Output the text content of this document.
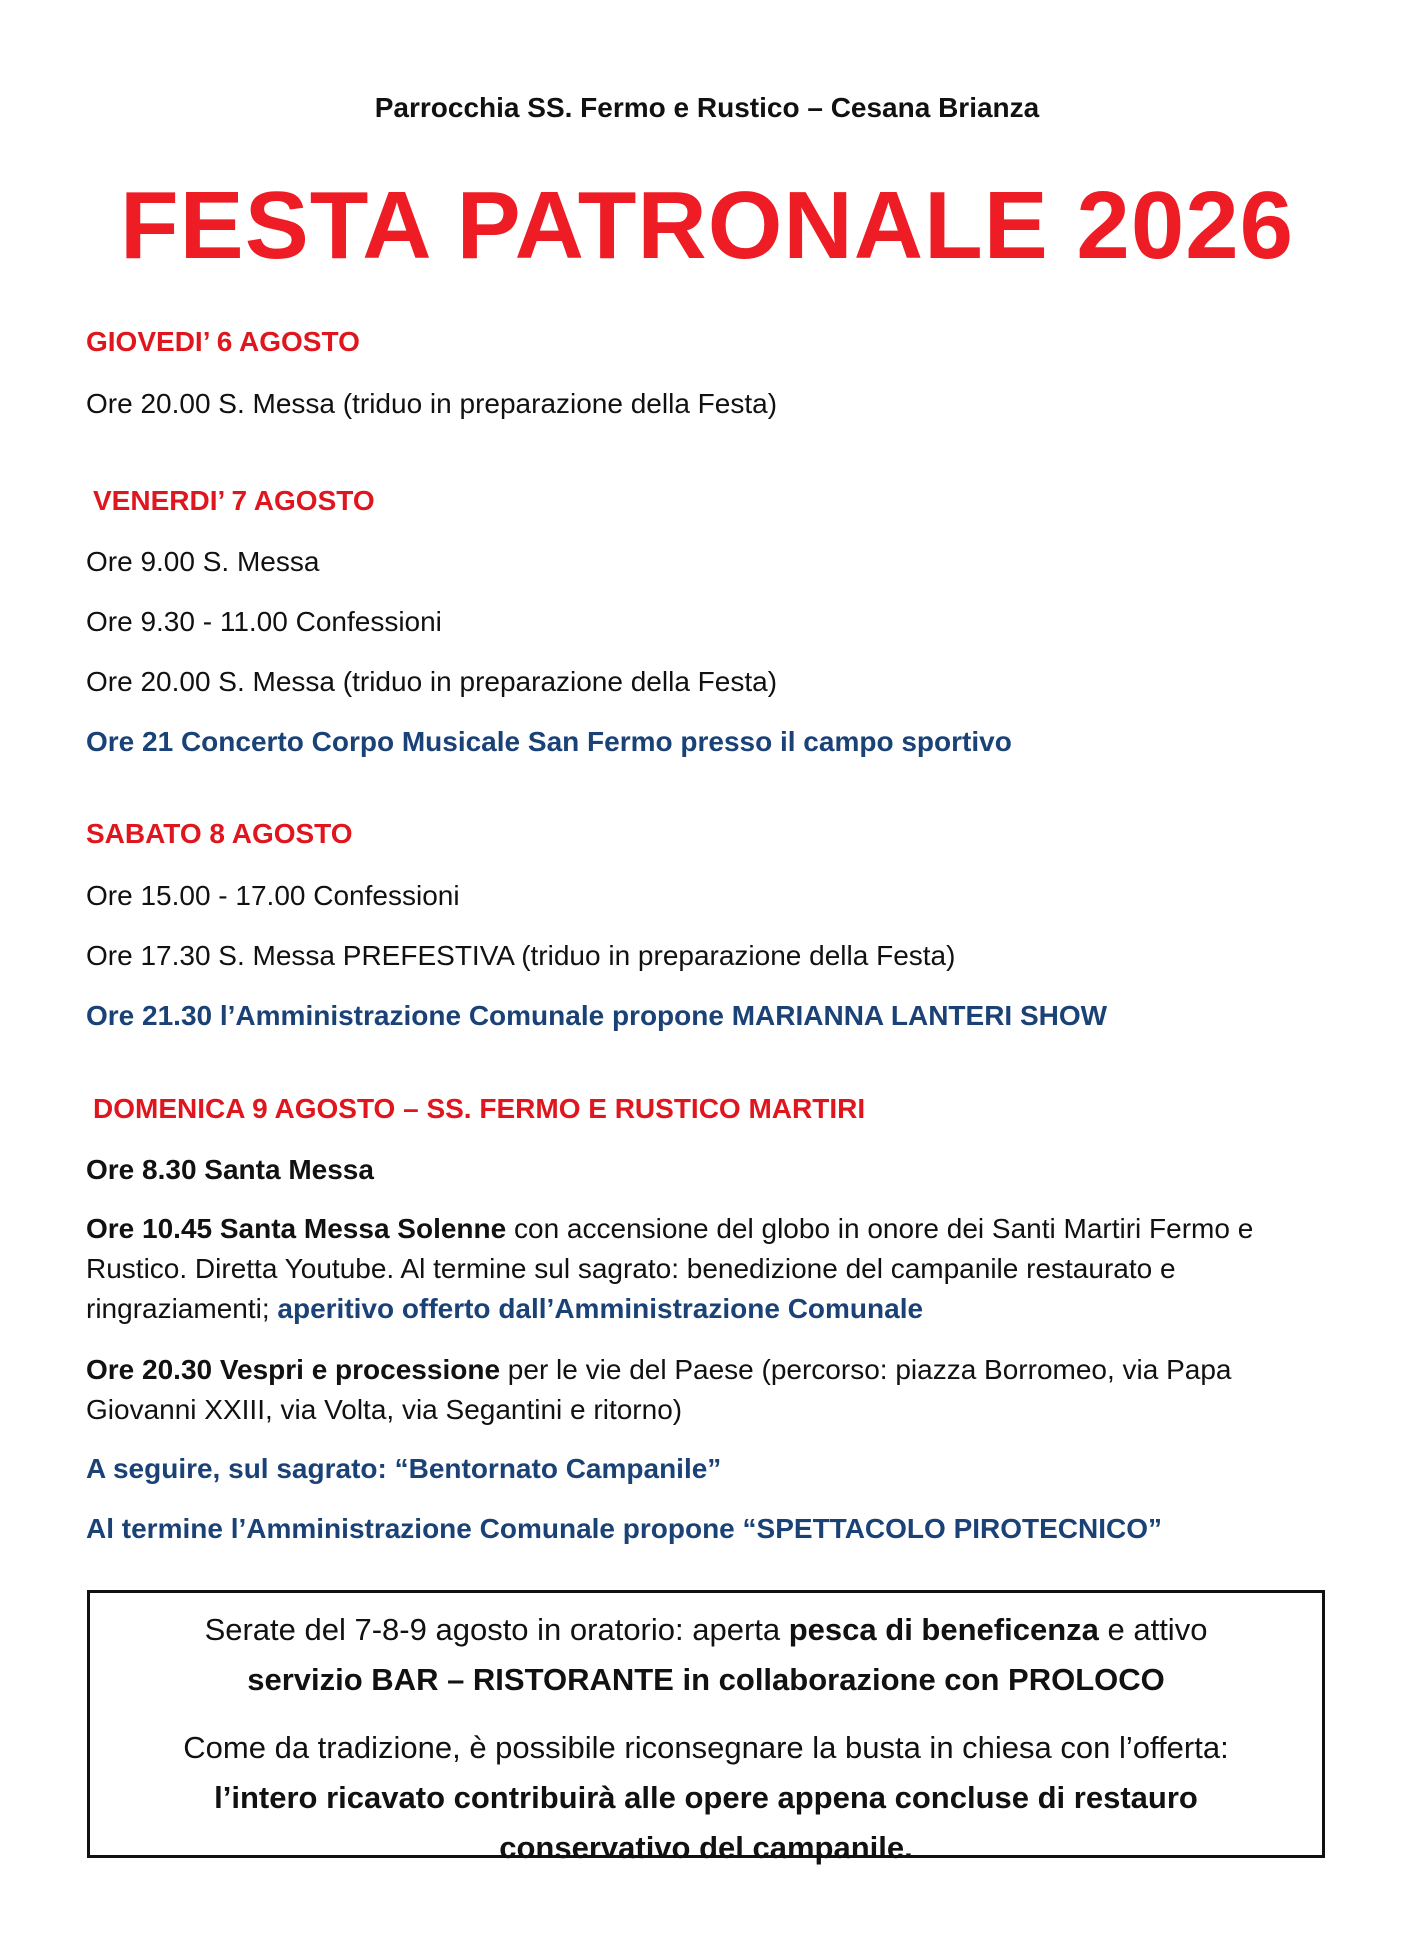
Parrocchia SS. Fermo e Rustico – Cesana Brianza
FESTA PATRONALE 2026
GIOVEDI’ 6 AGOSTO
Ore 20.00 S. Messa (triduo in preparazione della Festa)
VENERDI’ 7 AGOSTO
Ore 9.00 S. Messa
Ore 9.30 - 11.00 Confessioni
Ore 20.00 S. Messa (triduo in preparazione della Festa)
Ore 21 Concerto Corpo Musicale San Fermo presso il campo sportivo
SABATO 8 AGOSTO
Ore 15.00 - 17.00 Confessioni
Ore 17.30 S. Messa PREFESTIVA (triduo in preparazione della Festa)
Ore 21.30 l’Amministrazione Comunale propone MARIANNA LANTERI SHOW
DOMENICA 9 AGOSTO – SS. FERMO E RUSTICO MARTIRI
Ore 8.30 Santa Messa
Ore 10.45 Santa Messa Solenne con accensione del globo in onore dei Santi Martiri Fermo e Rustico. Diretta Youtube. Al termine sul sagrato: benedizione del campanile restaurato e ringraziamenti; aperitivo offerto dall’Amministrazione Comunale
Ore 20.30 Vespri e processione per le vie del Paese (percorso: piazza Borromeo, via Papa Giovanni XXIII, via Volta, via Segantini e ritorno)
A seguire, sul sagrato: “Bentornato Campanile”
Al termine l’Amministrazione Comunale propone “SPETTACOLO PIROTECNICO”

Serate del 7-8-9 agosto in oratorio: aperta pesca di beneficenza e attivo
servizio BAR – RISTORANTE in collaborazione con PROLOCO

Come da tradizione, è possibile riconsegnare la busta in chiesa con l’offerta:
l’intero ricavato contribuirà alle opere appena concluse di restauro conservativo del campanile.
